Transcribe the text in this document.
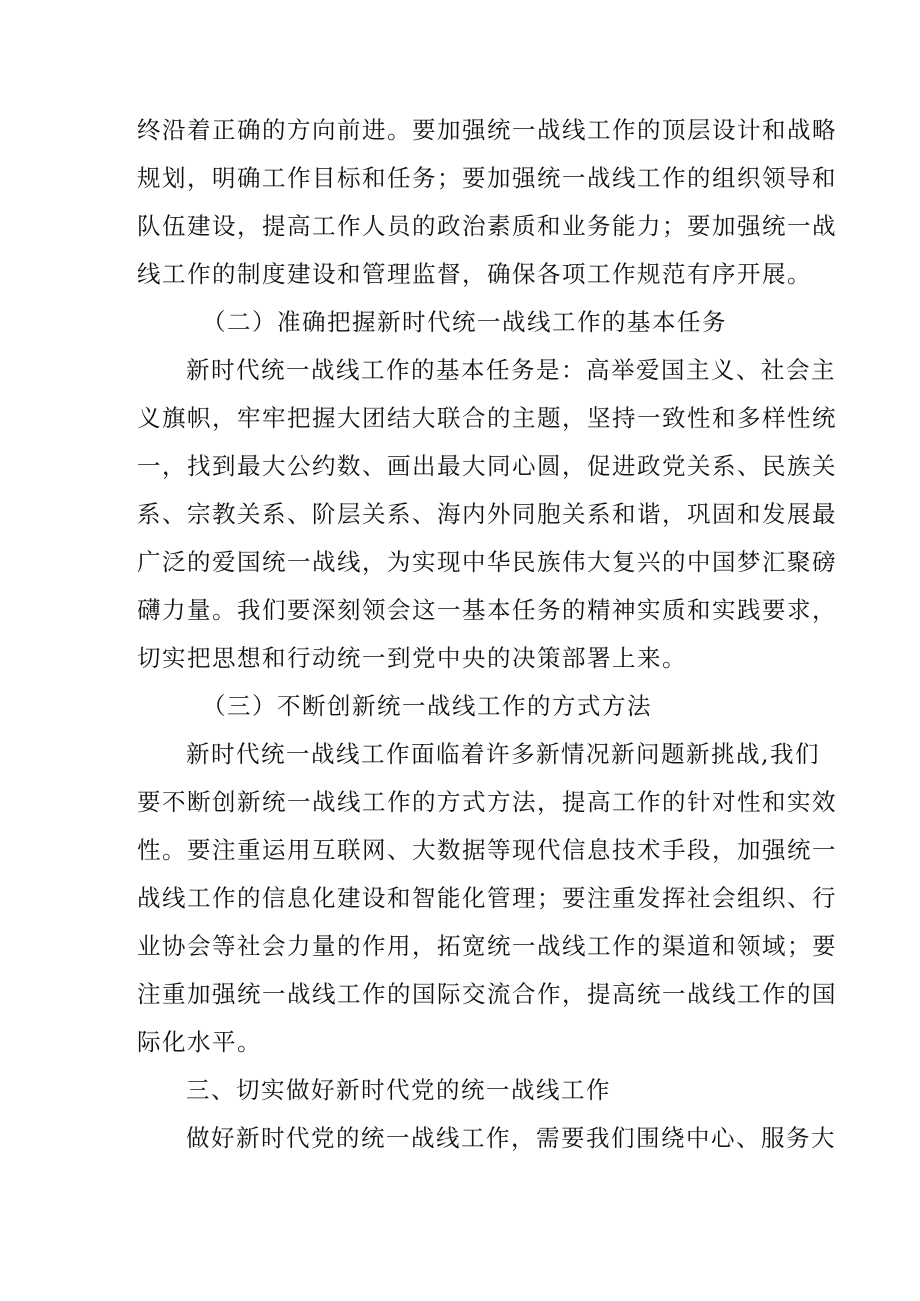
终沿着正确的方向前进。要加强统一战线工作的顶层设计和战略
规划，明确工作目标和任务；要加强统一战线工作的组织领导和
队伍建设，提高工作人员的政治素质和业务能力；要加强统一战
线工作的制度建设和管理监督，确保各项工作规范有序开展。
（二）准确把握新时代统一战线工作的基本任务
新时代统一战线工作的基本任务是：高举爱国主义、社会主
义旗帜，牢牢把握大团结大联合的主题，坚持一致性和多样性统
一，找到最大公约数、画出最大同心圆，促进政党关系、民族关
系、宗教关系、阶层关系、海内外同胞关系和谐，巩固和发展最
广泛的爱国统一战线，为实现中华民族伟大复兴的中国梦汇聚磅
礴力量。我们要深刻领会这一基本任务的精神实质和实践要求，
切实把思想和行动统一到党中央的决策部署上来。
（三）不断创新统一战线工作的方式方法
新时代统一战线工作面临着许多新情况新问题新挑战,我们
要不断创新统一战线工作的方式方法，提高工作的针对性和实效
性。要注重运用互联网、大数据等现代信息技术手段，加强统一
战线工作的信息化建设和智能化管理；要注重发挥社会组织、行
业协会等社会力量的作用，拓宽统一战线工作的渠道和领域；要
注重加强统一战线工作的国际交流合作，提高统一战线工作的国
际化水平。
三、切实做好新时代党的统一战线工作
做好新时代党的统一战线工作，需要我们围绕中心、服务大
